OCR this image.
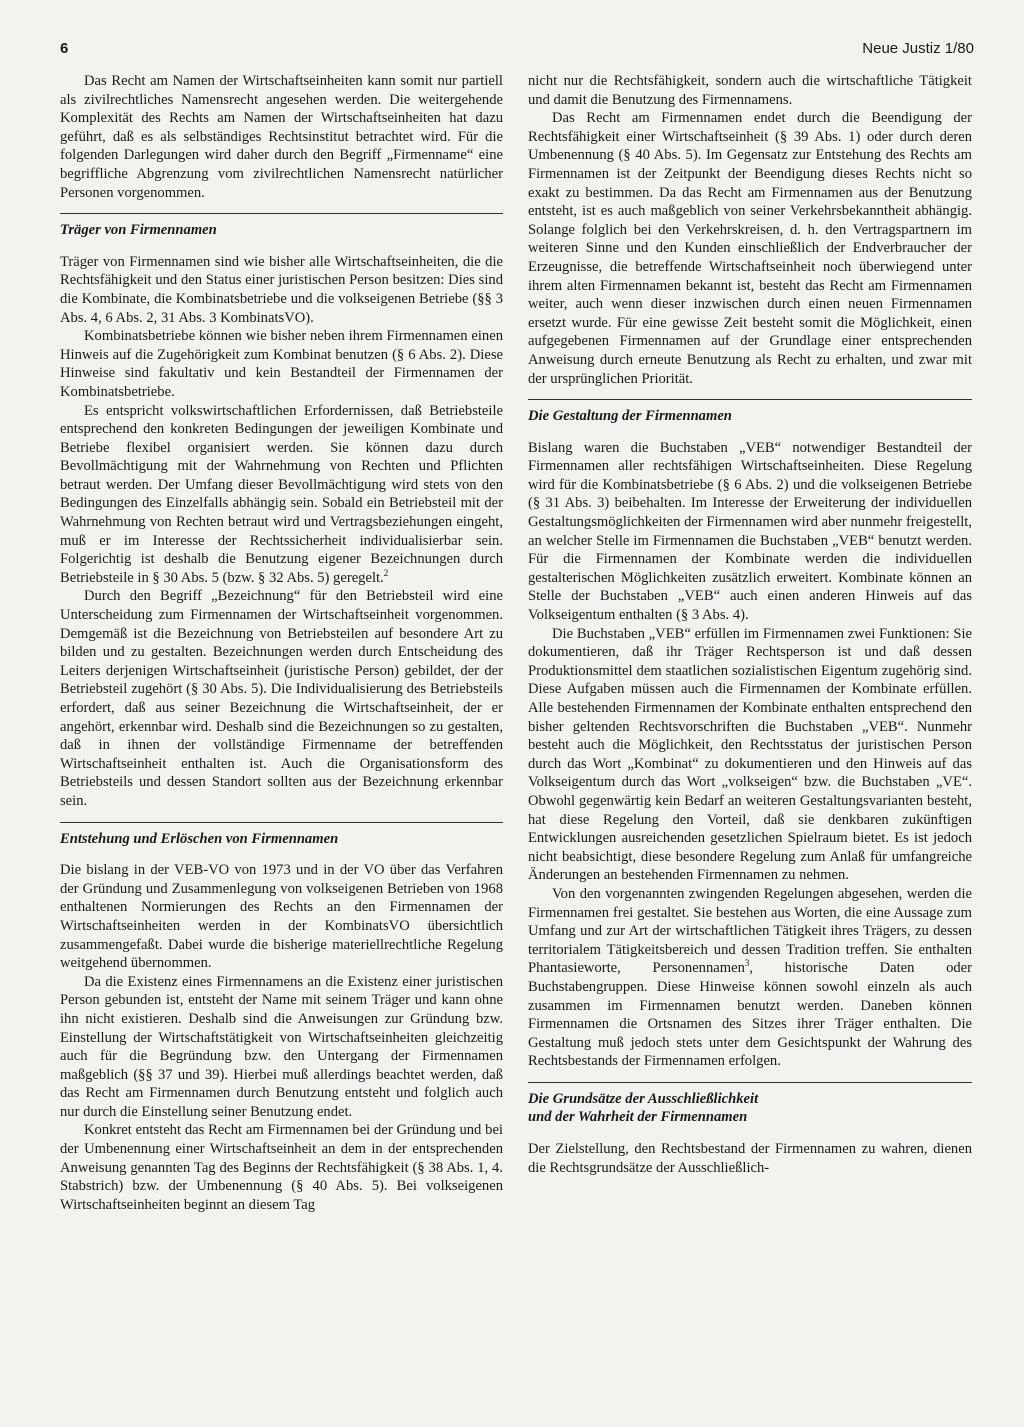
6	Neue Justiz 1/80

Das Recht am Namen der Wirtschaftseinheiten kann somit nur partiell als zivilrechtliches Namensrecht angesehen werden. Die weitergehende Komplexität des Rechts am Namen der Wirtschaftseinheiten hat dazu geführt, daß es als selbständiges Rechtsinstitut betrachtet wird. Für die folgenden Darlegungen wird daher durch den Begriff „Firmenname“ eine begriffliche Abgrenzung vom zivilrechtlichen Namensrecht natürlicher Personen vorgenommen.

Träger von Firmennamen

Träger von Firmennamen sind wie bisher alle Wirtschaftseinheiten, die die Rechtsfähigkeit und den Status einer juristischen Person besitzen: Dies sind die Kombinate, die Kombinatsbetriebe und die volkseigenen Betriebe (§§ 3 Abs. 4, 6 Abs. 2, 31 Abs. 3 KombinatsVO).

Kombinatsbetriebe können wie bisher neben ihrem Firmennamen einen Hinweis auf die Zugehörigkeit zum Kombinat benutzen (§ 6 Abs. 2). Diese Hinweise sind fakultativ und kein Bestandteil der Firmennamen der Kombinatsbetriebe.

Es entspricht volkswirtschaftlichen Erfordernissen, daß Betriebsteile entsprechend den konkreten Bedingungen der jeweiligen Kombinate und Betriebe flexibel organisiert werden. Sie können dazu durch Bevollmächtigung mit der Wahrnehmung von Rechten und Pflichten betraut werden. Der Umfang dieser Bevollmächtigung wird stets von den Bedingungen des Einzelfalls abhängig sein. Sobald ein Betriebsteil mit der Wahrnehmung von Rechten betraut wird und Vertragsbeziehungen eingeht, muß er im Interesse der Rechtssicherheit individualisierbar sein. Folgerichtig ist deshalb die Benutzung eigener Bezeichnungen durch Betriebsteile in § 30 Abs. 5 (bzw. § 32 Abs. 5) geregelt.$^2$

Durch den Begriff „Bezeichnung“ für den Betriebsteil wird eine Unterscheidung zum Firmennamen der Wirtschaftseinheit vorgenommen. Demgemäß ist die Bezeichnung von Betriebsteilen auf besondere Art zu bilden und zu gestalten. Bezeichnungen werden durch Entscheidung des Leiters derjenigen Wirtschaftseinheit (juristische Person) gebildet, der der Betriebsteil zugehört (§ 30 Abs. 5). Die Individualisierung des Betriebsteils erfordert, daß aus seiner Bezeichnung die Wirtschaftseinheit, der er angehört, erkennbar wird. Deshalb sind die Bezeichnungen so zu gestalten, daß in ihnen der vollständige Firmenname der betreffenden Wirtschaftseinheit enthalten ist. Auch die Organisationsform des Betriebsteils und dessen Standort sollten aus der Bezeichnung erkennbar sein.

Entstehung und Erlöschen von Firmennamen

Die bislang in der VEB-VO von 1973 und in der VO über das Verfahren der Gründung und Zusammenlegung von volkseigenen Betrieben von 1968 enthaltenen Normierungen des Rechts an den Firmennamen der Wirtschaftseinheiten werden in der KombinatsVO übersichtlich zusammengefaßt. Dabei wurde die bisherige materiellrechtliche Regelung weitgehend übernommen.

Da die Existenz eines Firmennamens an die Existenz einer juristischen Person gebunden ist, entsteht der Name mit seinem Träger und kann ohne ihn nicht existieren. Deshalb sind die Anweisungen zur Gründung bzw. Einstellung der Wirtschaftstätigkeit von Wirtschaftseinheiten gleichzeitig auch für die Begründung bzw. den Untergang der Firmennamen maßgeblich (§§ 37 und 39). Hierbei muß allerdings beachtet werden, daß das Recht am Firmennamen durch Benutzung entsteht und folglich auch nur durch die Einstellung seiner Benutzung endet.

Konkret entsteht das Recht am Firmennamen bei der Gründung und bei der Umbenennung einer Wirtschaftseinheit an dem in der entsprechenden Anweisung genannten Tag des Beginns der Rechtsfähigkeit (§ 38 Abs. 1, 4. Stabstrich) bzw. der Umbenennung (§ 40 Abs. 5). Bei volkseigenen Wirtschaftseinheiten beginnt an diesem Tag

nicht nur die Rechtsfähigkeit, sondern auch die wirtschaftliche Tätigkeit und damit die Benutzung des Firmennamens.

Das Recht am Firmennamen endet durch die Beendigung der Rechtsfähigkeit einer Wirtschaftseinheit (§ 39 Abs. 1) oder durch deren Umbenennung (§ 40 Abs. 5). Im Gegensatz zur Entstehung des Rechts am Firmennamen ist der Zeitpunkt der Beendigung dieses Rechts nicht so exakt zu bestimmen. Da das Recht am Firmennamen aus der Benutzung entsteht, ist es auch maßgeblich von seiner Verkehrsbekanntheit abhängig. Solange folglich bei den Verkehrskreisen, d. h. den Vertragspartnern im weiteren Sinne und den Kunden einschließlich der Endverbraucher der Erzeugnisse, die betreffende Wirtschaftseinheit noch überwiegend unter ihrem alten Firmennamen bekannt ist, besteht das Recht am Firmennamen weiter, auch wenn dieser inzwischen durch einen neuen Firmennamen ersetzt wurde. Für eine gewisse Zeit besteht somit die Möglichkeit, einen aufgegebenen Firmennamen auf der Grundlage einer entsprechenden Anweisung durch erneute Benutzung als Recht zu erhalten, und zwar mit der ursprünglichen Priorität.

Die Gestaltung der Firmennamen

Bislang waren die Buchstaben „VEB“ notwendiger Bestandteil der Firmennamen aller rechtsfähigen Wirtschaftseinheiten. Diese Regelung wird für die Kombinatsbetriebe (§ 6 Abs. 2) und die volkseigenen Betriebe (§ 31 Abs. 3) beibehalten. Im Interesse der Erweiterung der individuellen Gestaltungsmöglichkeiten der Firmennamen wird aber nunmehr freigestellt, an welcher Stelle im Firmennamen die Buchstaben „VEB“ benutzt werden. Für die Firmennamen der Kombinate werden die individuellen gestalterischen Möglichkeiten zusätzlich erweitert. Kombinate können an Stelle der Buchstaben „VEB“ auch einen anderen Hinweis auf das Volkseigentum enthalten (§ 3 Abs. 4).

Die Buchstaben „VEB“ erfüllen im Firmennamen zwei Funktionen: Sie dokumentieren, daß ihr Träger Rechtsperson ist und daß dessen Produktionsmittel dem staatlichen sozialistischen Eigentum zugehörig sind. Diese Aufgaben müssen auch die Firmennamen der Kombinate erfüllen. Alle bestehenden Firmennamen der Kombinate enthalten entsprechend den bisher geltenden Rechtsvorschriften die Buchstaben „VEB“. Nunmehr besteht auch die Möglichkeit, den Rechtsstatus der juristischen Person durch das Wort „Kombinat“ zu dokumentieren und den Hinweis auf das Volkseigentum durch das Wort „volkseigen“ bzw. die Buchstaben „VE“. Obwohl gegenwärtig kein Bedarf an weiteren Gestaltungsvarianten besteht, hat diese Regelung den Vorteil, daß sie denkbaren zukünftigen Entwicklungen ausreichenden gesetzlichen Spielraum bietet. Es ist jedoch nicht beabsichtigt, diese besondere Regelung zum Anlaß für umfangreiche Änderungen an bestehenden Firmennamen zu nehmen.

Von den vorgenannten zwingenden Regelungen abgesehen, werden die Firmennamen frei gestaltet. Sie bestehen aus Worten, die eine Aussage zum Umfang und zur Art der wirtschaftlichen Tätigkeit ihres Trägers, zu dessen territorialem Tätigkeitsbereich und dessen Tradition treffen. Sie enthalten Phantasieworte, Personennamen$^3$, historische Daten oder Buchstabengruppen. Diese Hinweise können sowohl einzeln als auch zusammen im Firmennamen benutzt werden. Daneben können Firmennamen die Ortsnamen des Sitzes ihrer Träger enthalten. Die Gestaltung muß jedoch stets unter dem Gesichtspunkt der Wahrung des Rechtsbestands der Firmennamen erfolgen.

Die Grundsätze der Ausschließlichkeit
und der Wahrheit der Firmennamen

Der Zielstellung, den Rechtsbestand der Firmennamen zu wahren, dienen die Rechtsgrundsätze der Ausschließlich-
